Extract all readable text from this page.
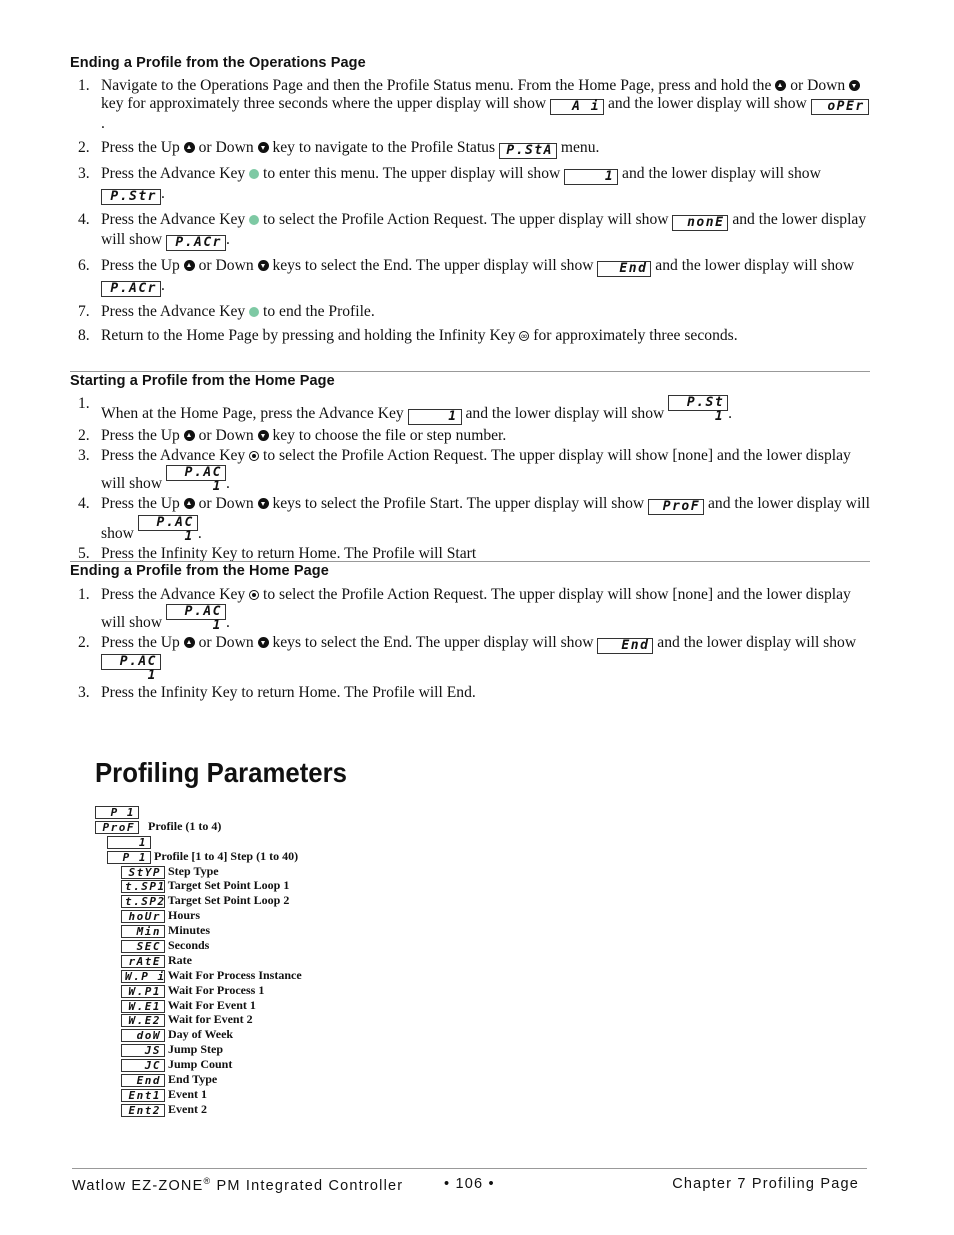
Ending a Profile from the Operations Page
1. Navigate to the Operations Page and then the Profile Status menu. From the Home Page, press and hold the  or Down  key for approximately three seconds where the upper display will show A i and the lower display will show oPEr.
2. Press the Up  or Down  key to navigate to the Profile Status P.StA menu.
3. Press the Advance Key  to enter this menu. The upper display will show	1 and the lower display will show P.Str .
4. Press the Advance Key  to select the Profile Action Request. The upper display will show nonE and the lower display will show P.ACr .
6. Press the Up  or Down  keys to select the End. The upper display will show End and the lower display will show P.ACr .
7. Press the Advance Key  to end the Profile.
8. Return to the Home Page by pressing and holding the Infinity Key ∞ for approximately three seconds.
Starting a Profile from the Home Page
1.
When at the Home Page, press the Advance Key	1 and the lower display will show P.St 1 .
2. Press the Up  or Down  key to choose the file or step number.
3. Press the Advance Key  to select the Profile Action Request. The upper display will show [none] and the lower display will show P.AC 1 .
4. Press the Up  or Down  keys to select the Profile Start. The upper display will show ProF and the lower display will show P.AC 1 .
5. Press the Infinity Key to return Home. The Profile will Start
Ending a Profile from the Home Page
1. Press the Advance Key  to select the Profile Action Request. The upper display will show [none] and the lower display will show P.AC 1 .
2. Press the Up  or Down  keys to select the End. The upper display will show End and the lower display will show P.AC 1
3. Press the Infinity Key to return Home. The Profile will End.
Profiling Parameters
P 1
ProF Profile (1 to 4)
1
P 1 Profile [1 to 4] Step (1 to 40)
StYP Step Type
t.SP1 Target Set Point Loop 1
t.SP2 Target Set Point Loop 2
hoUr Hours
Min Minutes
SEC Seconds
rAtE Rate
W.P i Wait For Process Instance
W.P1 Wait For Process 1
W.E1 Wait For Event 1
W.E2 Wait for Event 2
doW Day of Week
JS Jump Step
JC Jump Count
End End Type
Ent1 Event 1
Ent2 Event 2
Watlow EZ-ZONE® PM Integrated Controller	• 106 •	Chapter 7 Profiling Page
